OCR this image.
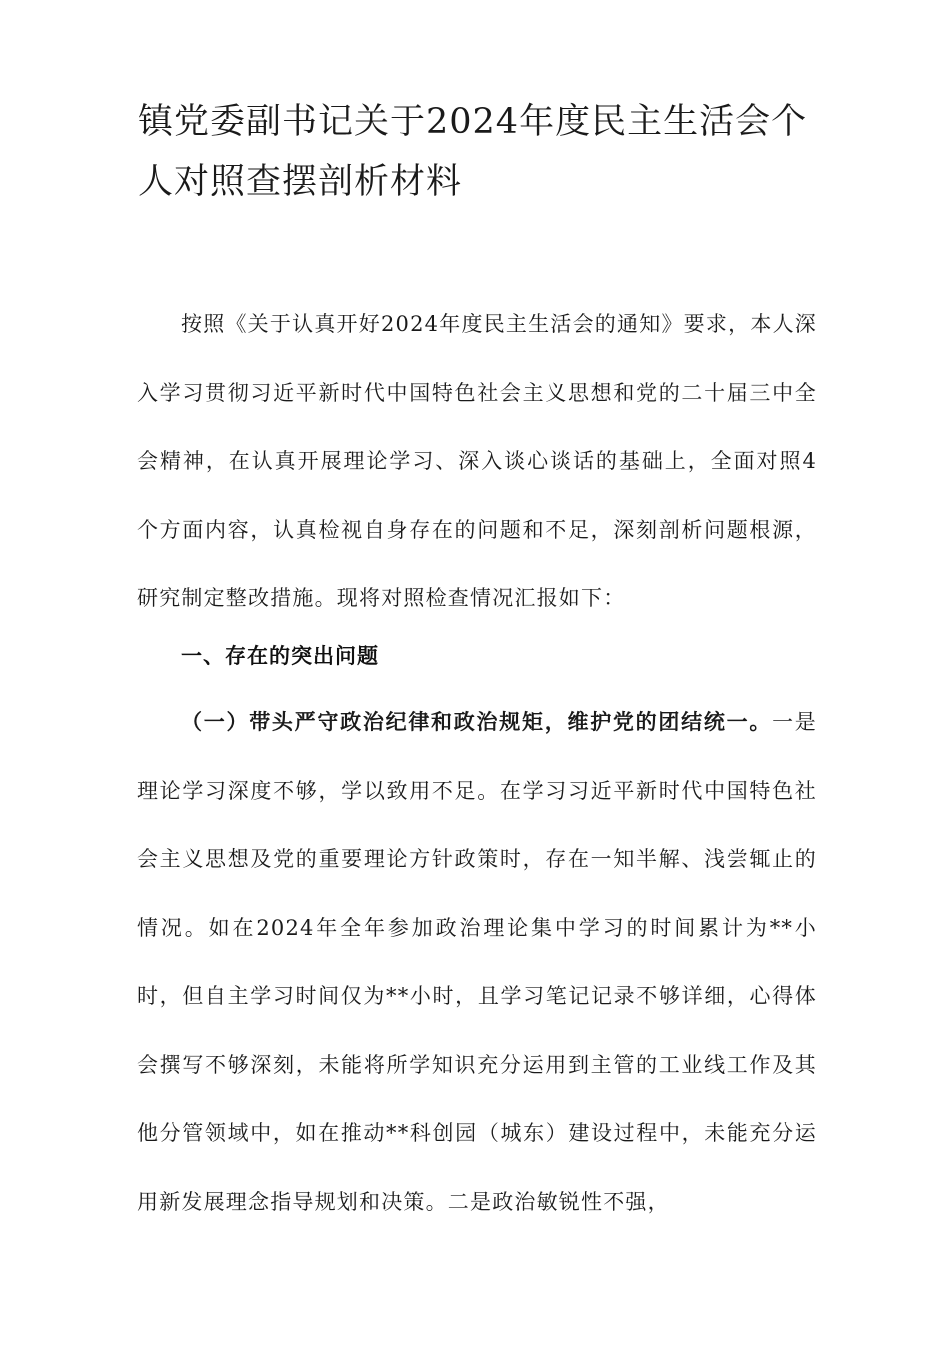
镇党委副书记关于2024年度民主生活会个人对照查摆剖析材料

按照《关于认真开好2024年度民主生活会的通知》要求，本人深入学习贯彻习近平新时代中国特色社会主义思想和党的二十届三中全会精神，在认真开展理论学习、深入谈心谈话的基础上，全面对照4个方面内容，认真检视自身存在的问题和不足，深刻剖析问题根源，研究制定整改措施。现将对照检查情况汇报如下：

一、存在的突出问题

（一）带头严守政治纪律和政治规矩，维护党的团结统一。一是理论学习深度不够，学以致用不足。在学习习近平新时代中国特色社会主义思想及党的重要理论方针政策时，存在一知半解、浅尝辄止的情况。如在2024年全年参加政治理论集中学习的时间累计为**小时，但自主学习时间仅为**小时，且学习笔记记录不够详细，心得体会撰写不够深刻，未能将所学知识充分运用到主管的工业线工作及其他分管领域中，如在推动**科创园（城东）建设过程中，未能充分运用新发展理念指导规划和决策。二是政治敏锐性不强，
